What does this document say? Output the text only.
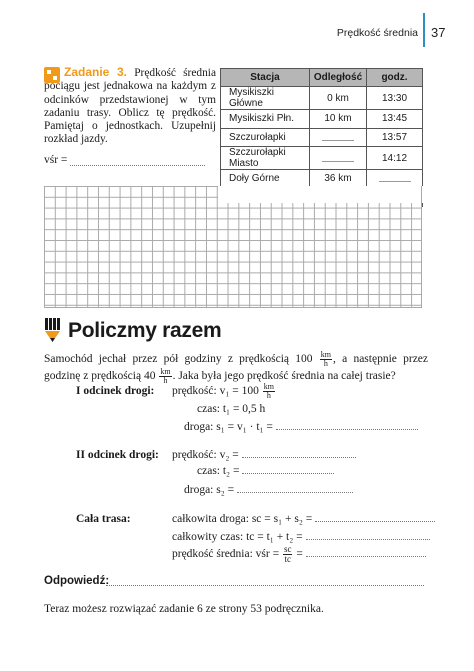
Prędkość średnia 37
Zadanie 3. Prędkość średnia pociągu jest jednakowa na każdym z odcinków przedstawionej w tym zadaniu trasy. Oblicz tę prędkość. Pamiętaj o jednostkach. Uzupełnij rozkład jazdy.
vśr =
Stacja	Odległość	godz.
Mysikiszki Główne	0 km	13:30
Mysikiszki Płn.	10 km	13:45
Szczurołapki		13:57
Szczurołapki Miasto		14:12
Doły Górne	36 km	

Policzmy razem
Samochód jechał przez pół godziny z prędkością $100 \frac{km}{h}$ , a następnie przez godzinę z prędkością $40 \frac{km}{h}$ . Jaka była jego prędkość średnia na całej trasie?
I odcinek drogi: prędkość: $v_1 = 100 \frac{km}{h}$
czas: t₁ = 0,5 h
droga: s₁ = v₁ · t₁ =
II odcinek drogi: prędkość: v₂ =
czas: t₂ =
droga: s₂ =
Cała trasa:	całkowita droga: sc = s₁ + s₂ =
całkowity czas: tc = t₁ + t₂ =
prędkość średnia: vśr = $\frac{sc}{tc}$ =
Odpowiedź:
Teraz możesz rozwiązać zadanie 6 ze strony 53 podręcznika.
